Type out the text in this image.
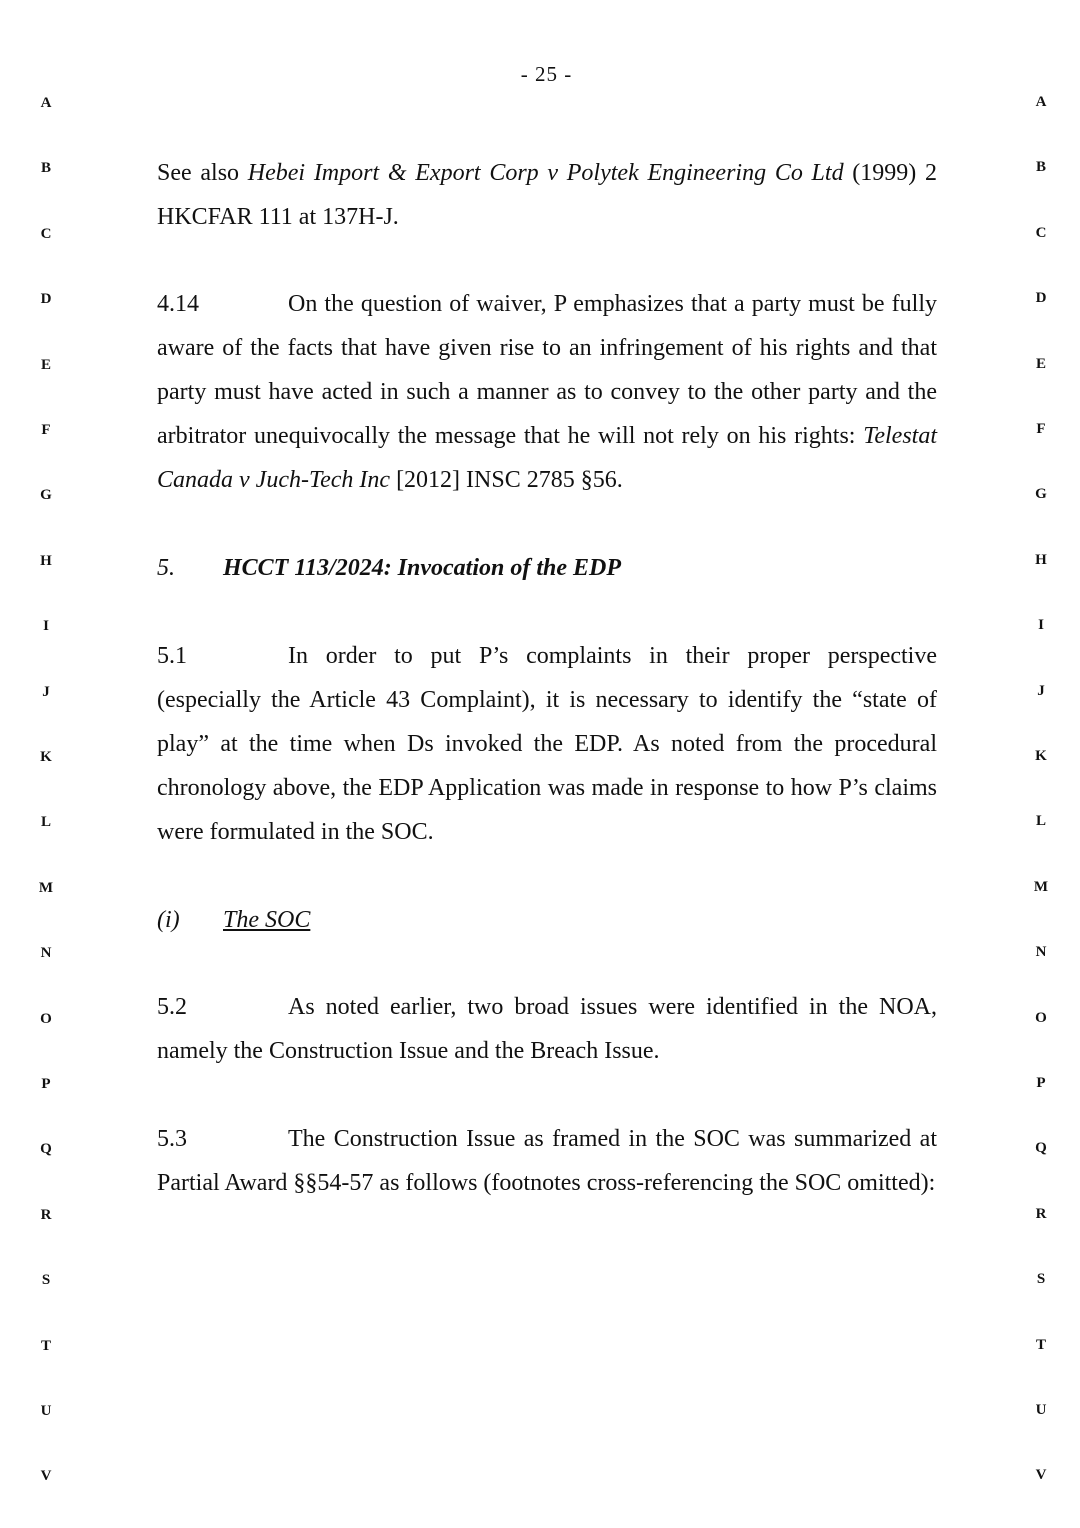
- 25 -
A
B
C
D
E
F
G
H
I
J
K
L
M
N
O
P
Q
R
S
T
U
V
A
B
C
D
E
F
G
H
I
J
K
L
M
N
O
P
Q
R
S
T
U
V

See also Hebei Import & Export Corp v Polytek Engineering Co Ltd (1999) 2 HKCFAR 111 at 137H-J.

4.14	On the question of waiver, P emphasizes that a party must be fully aware of the facts that have given rise to an infringement of his rights and that party must have acted in such a manner as to convey to the other party and the arbitrator unequivocally the message that he will not rely on his rights: Telestat Canada v Juch-Tech Inc [2012] INSC 2785 §56.

5. HCCT 113/2024: Invocation of the EDP

5.1	In order to put P’s complaints in their proper perspective (especially the Article 43 Complaint), it is necessary to identify the “state of play” at the time when Ds invoked the EDP. As noted from the procedural chronology above, the EDP Application was made in response to how P’s claims were formulated in the SOC.

(i) The SOC

5.2	As noted earlier, two broad issues were identified in the NOA, namely the Construction Issue and the Breach Issue.

5.3	The Construction Issue as framed in the SOC was summarized at Partial Award §§54-57 as follows (footnotes cross-referencing the SOC omitted):
